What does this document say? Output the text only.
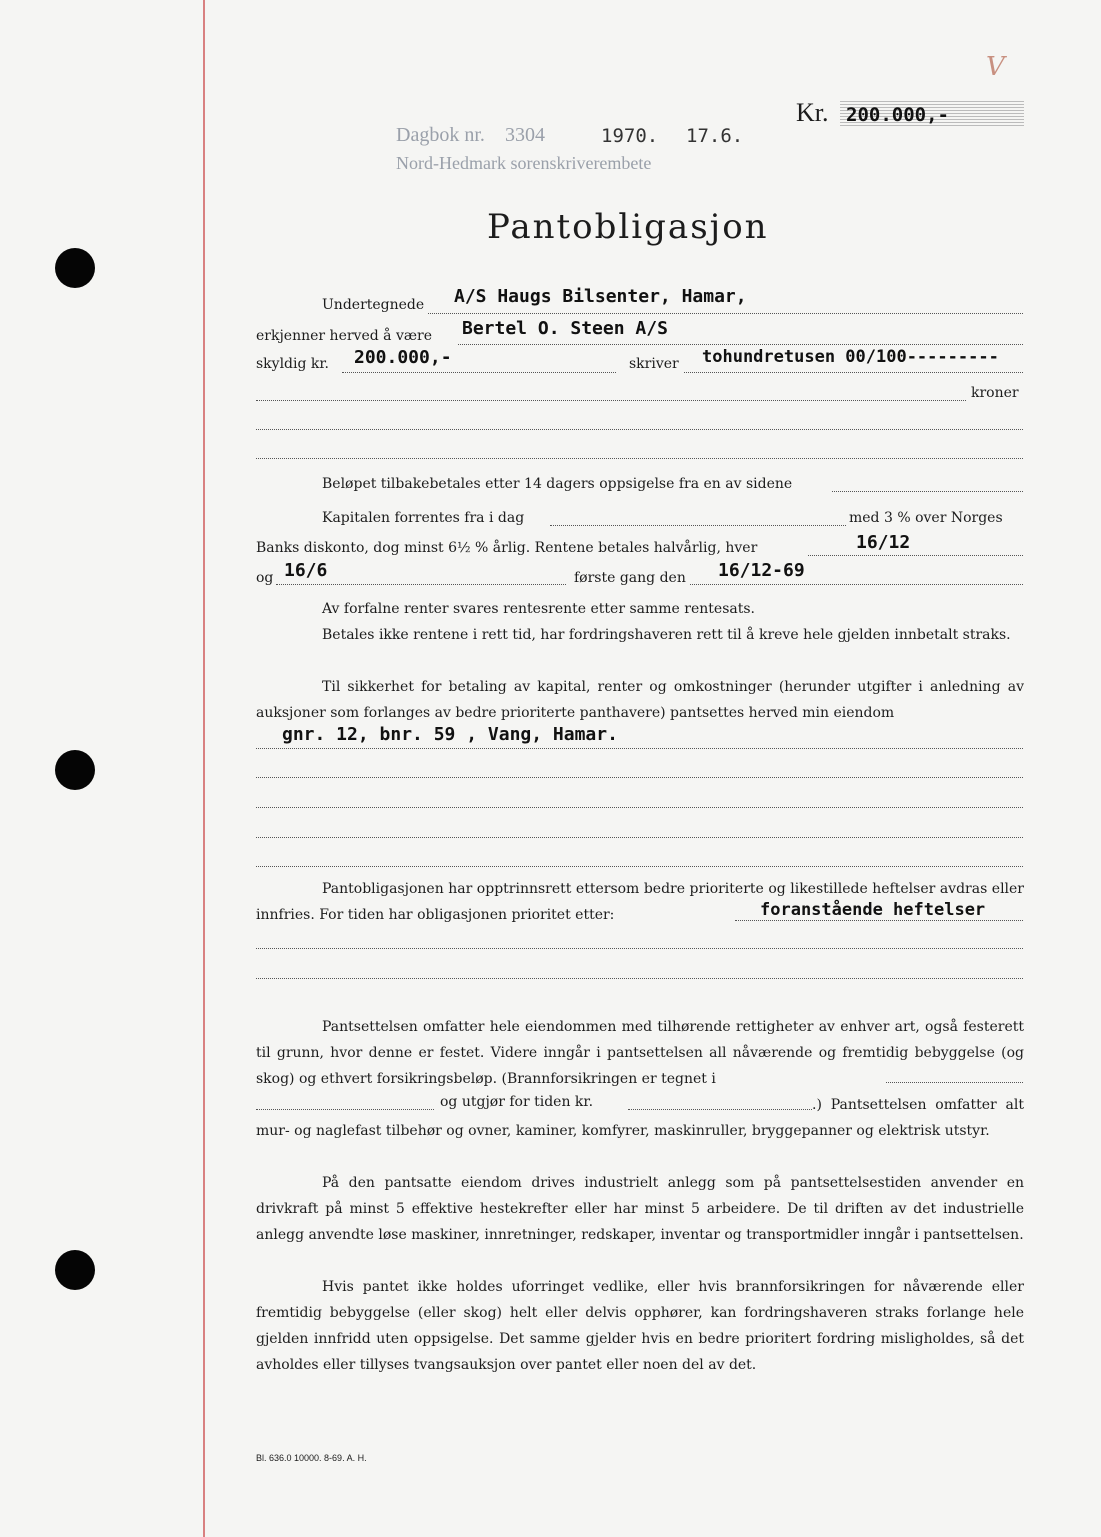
V
Kr. 200.000,-
Dagbok nr. 3304	1970. 17.6.
Nord-Hedmark sorenskriverembete
Pantobligasjon
Undertegnede A/S Haugs Bilsenter, Hamar,
erkjenner herved å være Bertel O. Steen A/S
skyldig kr. 200.000,-	skriver tohundretusen 00/100---------
kroner
Beløpet tilbakebetales etter 14 dagers oppsigelse fra en av sidene
Kapitalen forrentes fra i dag	med 3 % over Norges
Banks diskonto, dog minst 6½ % årlig. Rentene betales halvårlig, hver	16/12
og 16/6	første gang den 16/12-69

Av forfalne renter svares rentesrente etter samme rentesats.

Betales ikke rentene i rett tid, har fordringshaveren rett til å kreve hele gjelden innbetalt straks.

Til sikkerhet for betaling av kapital, renter og omkostninger (herunder utgifter i anledning av auksjoner som forlanges av bedre prioriterte panthavere) pantsettes herved min eiendom

gnr. 12, bnr. 59 , Vang, Hamar.

Pantobligasjonen har opptrinnsrett ettersom bedre prioriterte og likestillede heftelser avdras eller innfries. For tiden har obligasjonen prioritet etter:	foranstående heftelser

Pantsettelsen omfatter hele eiendommen med tilhørende rettigheter av enhver art, også festerett til grunn, hvor denne er festet. Videre inngår i pantsettelsen all nåværende og fremtidig bebyggelse (og skog) og ethvert forsikringsbeløp. (Brannforsikringen er tegnet i

og utgjør for tiden kr.	.) Pantsettelsen omfatter alt mur- og naglefast tilbehør og ovner, kaminer, komfyrer, maskinruller, bryggepanner og elektrisk utstyr.

På den pantsatte eiendom drives industrielt anlegg som på pantsettelsestiden anvender en drivkraft på minst 5 effektive hestekrefter eller har minst 5 arbeidere. De til driften av det industrielle anlegg anvendte løse maskiner, innretninger, redskaper, inventar og transportmidler inngår i pantsettelsen.

Hvis pantet ikke holdes uforringet vedlike, eller hvis brannforsikringen for nåværende eller fremtidig bebyggelse (eller skog) helt eller delvis opphører, kan fordringshaveren straks forlange hele gjelden innfridd uten oppsigelse. Det samme gjelder hvis en bedre prioritert fordring misligholdes, så det avholdes eller tillyses tvangsauksjon over pantet eller noen del av det.

Bl. 636.0 10000. 8-69. A. H.
